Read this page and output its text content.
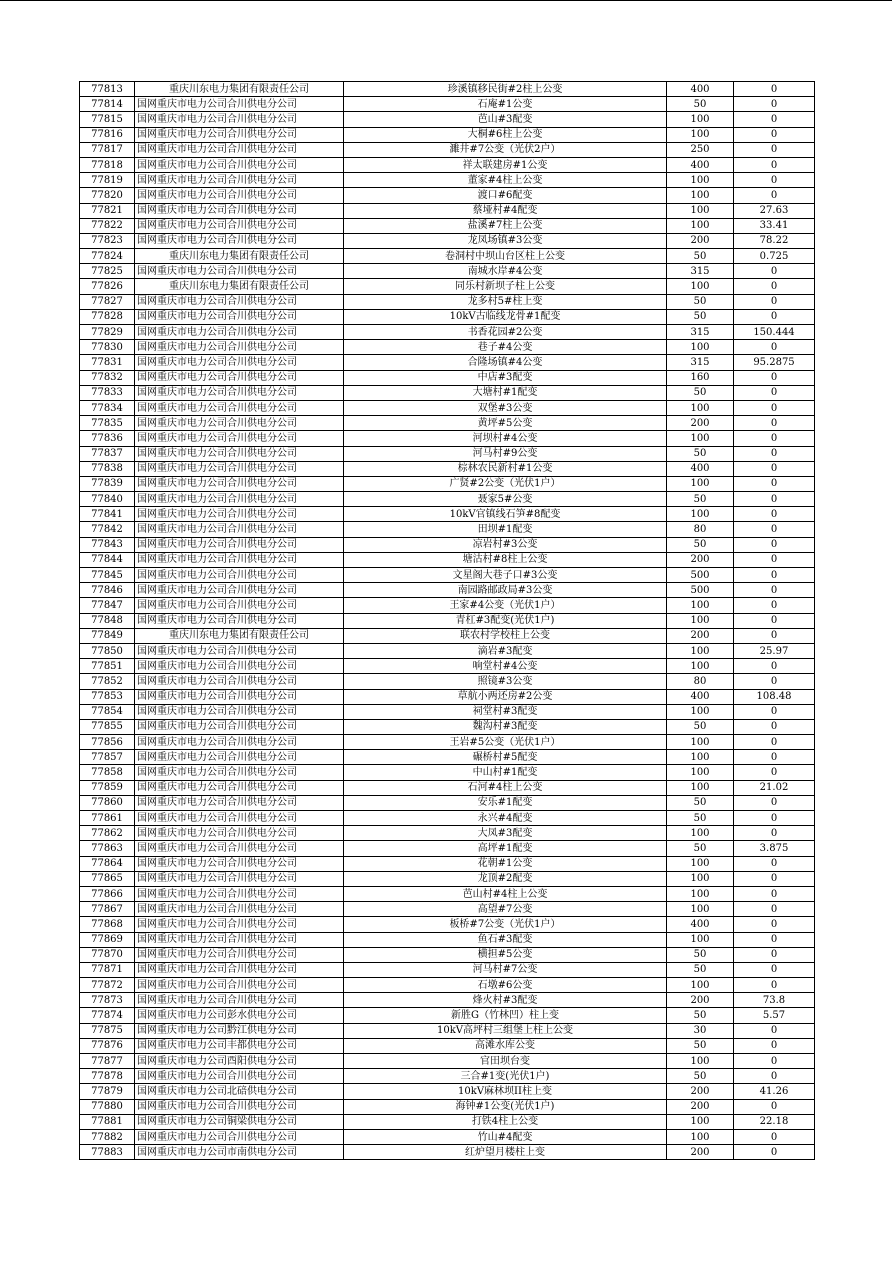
77813	重庆川东电力集团有限责任公司	珍溪镇移民街#2柱上公变	400	0
77814	国网重庆市电力公司合川供电分公司	石庵#1公变	50	0
77815	国网重庆市电力公司合川供电分公司	芭山#3配变	100	0
77816	国网重庆市电力公司合川供电分公司	大桐#6柱上公变	100	0
77817	国网重庆市电力公司合川供电分公司	濉井#7公变（光伏2户）	250	0
77818	国网重庆市电力公司合川供电分公司	祥太联建房#1公变	400	0
77819	国网重庆市电力公司合川供电分公司	董家#4柱上公变	100	0
77820	国网重庆市电力公司合川供电分公司	渡口#6配变	100	0
77821	国网重庆市电力公司合川供电分公司	蔡垭村#4配变	100	27.63
77822	国网重庆市电力公司合川供电分公司	盐溪#7柱上公变	100	33.41
77823	国网重庆市电力公司合川供电分公司	龙凤场镇#3公变	200	78.22
77824	重庆川东电力集团有限责任公司	卷洞村中坝山台区柱上公变	50	0.725
77825	国网重庆市电力公司合川供电分公司	南城水岸#4公变	315	0
77826	重庆川东电力集团有限责任公司	同乐村新坝子柱上公变	100	0
77827	国网重庆市电力公司合川供电分公司	龙多村5#柱上变	50	0
77828	国网重庆市电力公司合川供电分公司	10kV古临线龙骨#1配变	50	0
77829	国网重庆市电力公司合川供电分公司	书香花园#2公变	315	150.444
77830	国网重庆市电力公司合川供电分公司	巷子#4公变	100	0
77831	国网重庆市电力公司合川供电分公司	合隆场镇#4公变	315	95.2875
77832	国网重庆市电力公司合川供电分公司	中店#3配变	160	0
77833	国网重庆市电力公司合川供电分公司	大塘村#1配变	50	0
77834	国网重庆市电力公司合川供电分公司	双堡#3公变	100	0
77835	国网重庆市电力公司合川供电分公司	黄坪#5公变	200	0
77836	国网重庆市电力公司合川供电分公司	河坝村#4公变	100	0
77837	国网重庆市电力公司合川供电分公司	河马村#9公变	50	0
77838	国网重庆市电力公司合川供电分公司	棕林农民新村#1公变	400	0
77839	国网重庆市电力公司合川供电分公司	广贤#2公变（光伏1户）	100	0
77840	国网重庆市电力公司合川供电分公司	聂家5#公变	50	0
77841	国网重庆市电力公司合川供电分公司	10kV官镇线石笋#8配变	100	0
77842	国网重庆市电力公司合川供电分公司	田坝#1配变	80	0
77843	国网重庆市电力公司合川供电分公司	凉岩村#3公变	50	0
77844	国网重庆市电力公司合川供电分公司	塘沽村#8柱上公变	200	0
77845	国网重庆市电力公司合川供电分公司	文星阁大巷子口#3公变	500	0
77846	国网重庆市电力公司合川供电分公司	南园路邮政局#3公变	500	0
77847	国网重庆市电力公司合川供电分公司	王家#4公变（光伏1户）	100	0
77848	国网重庆市电力公司合川供电分公司	青杠#3配变(光伏1户)	100	0
77849	重庆川东电力集团有限责任公司	联农村学校柱上公变	200	0
77850	国网重庆市电力公司合川供电分公司	滴岩#3配变	100	25.97
77851	国网重庆市电力公司合川供电分公司	响堂村#4公变	100	0
77852	国网重庆市电力公司合川供电分公司	照镜#3公变	80	0
77853	国网重庆市电力公司合川供电分公司	草航小两还房#2公变	400	108.48
77854	国网重庆市电力公司合川供电分公司	祠堂村#3配变	100	0
77855	国网重庆市电力公司合川供电分公司	魏沟村#3配变	50	0
77856	国网重庆市电力公司合川供电分公司	王岩#5公变（光伏1户）	100	0
77857	国网重庆市电力公司合川供电分公司	碾桥村#5配变	100	0
77858	国网重庆市电力公司合川供电分公司	中山村#1配变	100	0
77859	国网重庆市电力公司合川供电分公司	石河#4柱上公变	100	21.02
77860	国网重庆市电力公司合川供电分公司	安乐#1配变	50	0
77861	国网重庆市电力公司合川供电分公司	永兴#4配变	50	0
77862	国网重庆市电力公司合川供电分公司	大凤#3配变	100	0
77863	国网重庆市电力公司合川供电分公司	高坪#1配变	50	3.875
77864	国网重庆市电力公司合川供电分公司	花朝#1公变	100	0
77865	国网重庆市电力公司合川供电分公司	龙顶#2配变	100	0
77866	国网重庆市电力公司合川供电分公司	芭山村#4柱上公变	100	0
77867	国网重庆市电力公司合川供电分公司	高望#7公变	100	0
77868	国网重庆市电力公司合川供电分公司	板桥#7公变（光伏1户）	400	0
77869	国网重庆市电力公司合川供电分公司	鱼石#3配变	100	0
77870	国网重庆市电力公司合川供电分公司	横担#5公变	50	0
77871	国网重庆市电力公司合川供电分公司	河马村#7公变	50	0
77872	国网重庆市电力公司合川供电分公司	石墩#6公变	100	0
77873	国网重庆市电力公司合川供电分公司	烽火村#3配变	200	73.8
77874	国网重庆市电力公司彭水供电分公司	新胜G（竹林凹）柱上变	50	5.57
77875	国网重庆市电力公司黔江供电分公司	10kV高坪村三组堡上柱上公变	30	0
77876	国网重庆市电力公司丰都供电分公司	高滩水库公变	50	0
77877	国网重庆市电力公司酉阳供电分公司	官田坝台变	100	0
77878	国网重庆市电力公司合川供电分公司	三合#1变(光伏1户)	50	0
77879	国网重庆市电力公司北碚供电分公司	10kV麻林坝II柱上变	200	41.26
77880	国网重庆市电力公司合川供电分公司	海钟#1公变(光伏1户)	200	0
77881	国网重庆市电力公司铜梁供电分公司	打铁4柱上公变	100	22.18
77882	国网重庆市电力公司合川供电分公司	竹山#4配变	100	0
77883	国网重庆市电力公司市南供电分公司	红炉望月楼柱上变	200	0
